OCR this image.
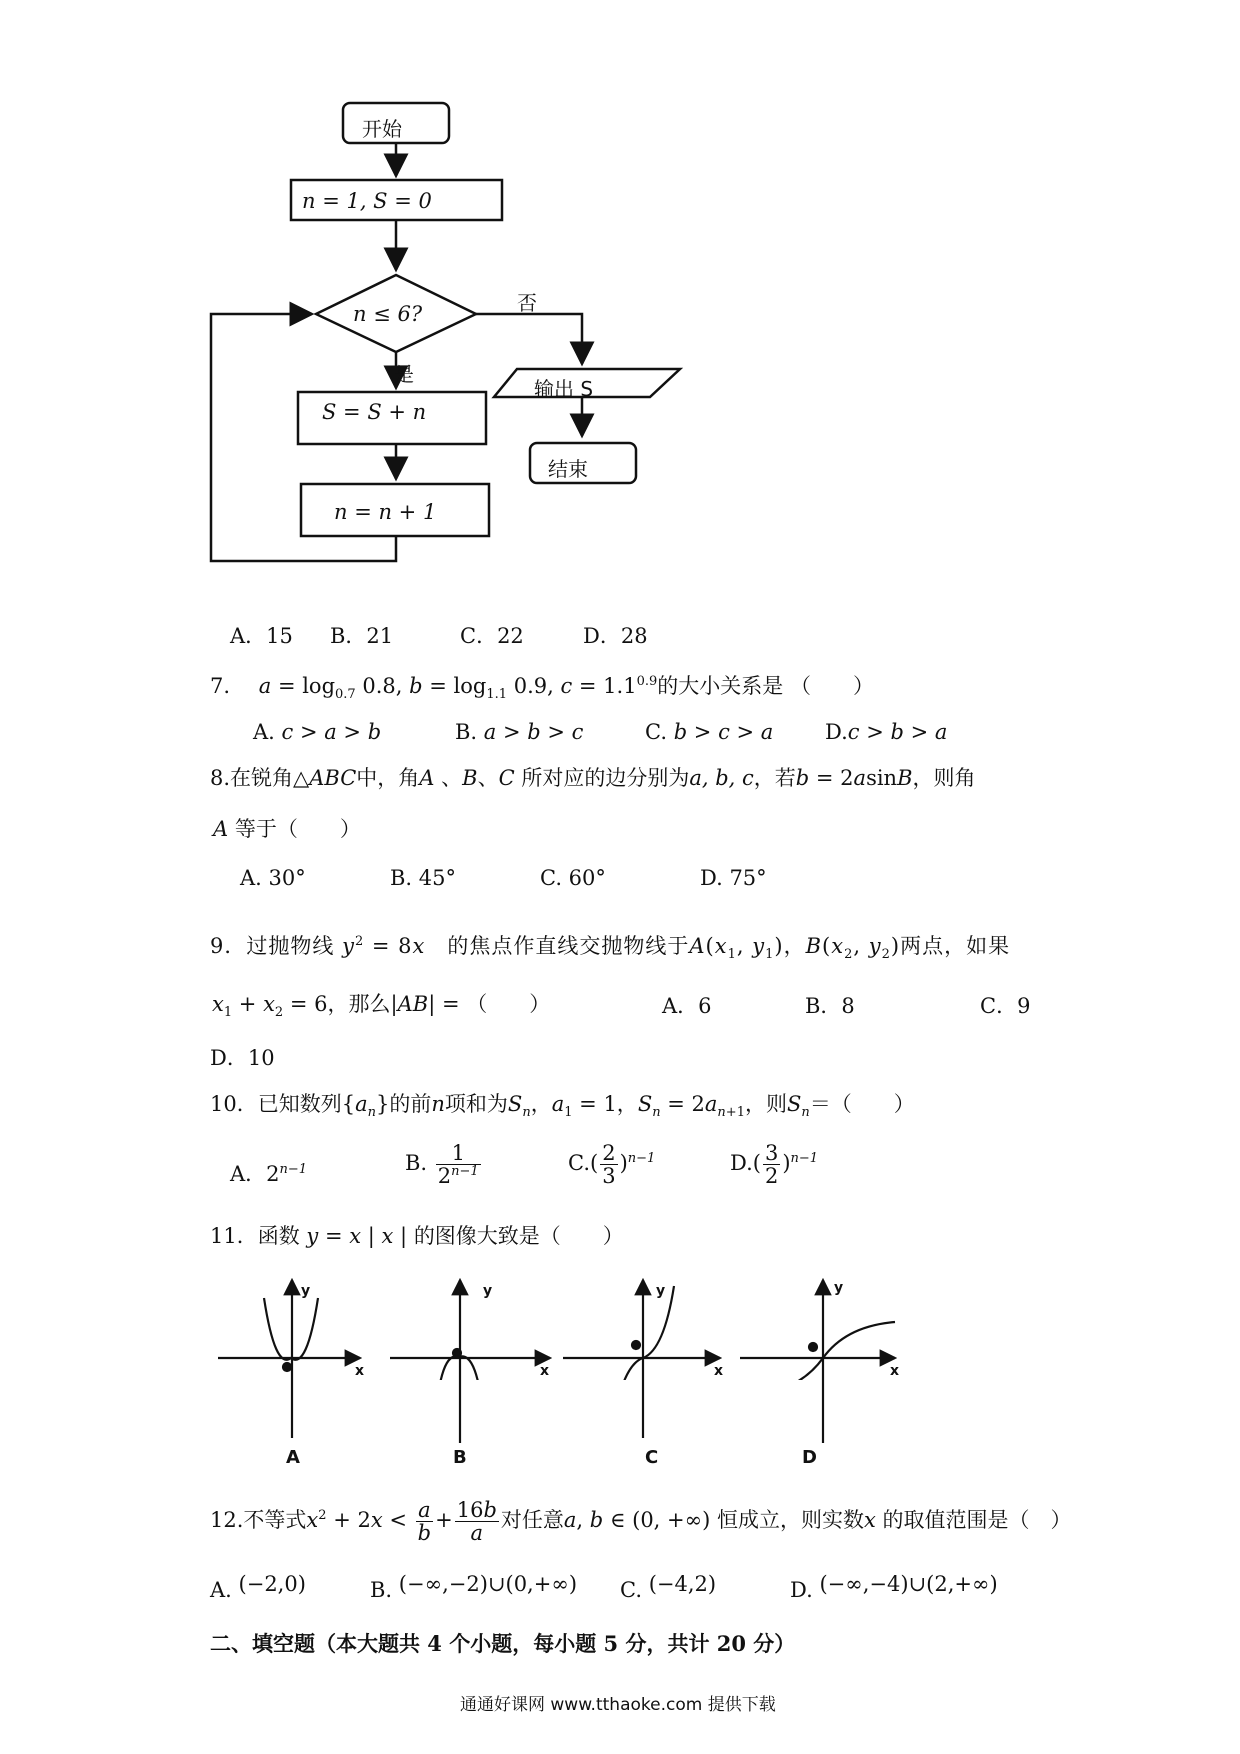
开始
n = 1, S = 0
n ≤ 6?	否
是
S = S + n
n = n + 1
输出 S
结束
A．15 B．21	C．22	D．28
7. $a = \log_{0.7} 0.8$, $b = \log_{1.1} 0.9$, $c = 1.1^{0.9}$的大小关系是 （　　）
A. c > a > b	B. a > b > c	C. b > c > a D.c > b > a
8.在锐角△ABC中，角A 、B、C 所对应的边分别为a, b, c，若b = 2asinB，则角
A 等于（　　）
A. 30°	B. 45°	C. 60°	D. 75°
9．过抛物线 $y^2 = 8x$　 的焦点作直线交抛物线于$A(x_1$, $y_1$)，$B(x_2$, $y_2$)两点，如果
$x_1 + x_2 = 6$，那么|AB| = （　　）	A．6	B．8	C．9
D．10
10．已知数列$\{a_n\}$的前n项和为$S_n$，$a_1 = 1$，$S_n = 2a_{n+1}$，则$S_n=$（　　）
A．$2^{n-1}$	B. $\frac{1}{2^{n-1}}$	$C.( \frac{2}{3} )^{n-1}$	$D.( \frac{3}{2} )^{n-1}$
11．函数 y = x | x | 的图像大致是（　　）
y
x
y
x
y
x
y
x
A	B	C	D
12.不等式$x^2 + 2x < \frac{a}{b} + \frac{16b}{a}$ 对任意a, b ∈ (0, +∞) 恒成立，则实数x 的取值范围是（　）
A. (−2,0)	B. (−∞,−2)∪(0,+∞) C. (−4,2)	D. (−∞,−4)∪(2,+∞)
二、填空题（本大题共 4 个小题，每小题 5 分，共计 20 分）
通通好课网 www.tthaoke.com 提供下载
